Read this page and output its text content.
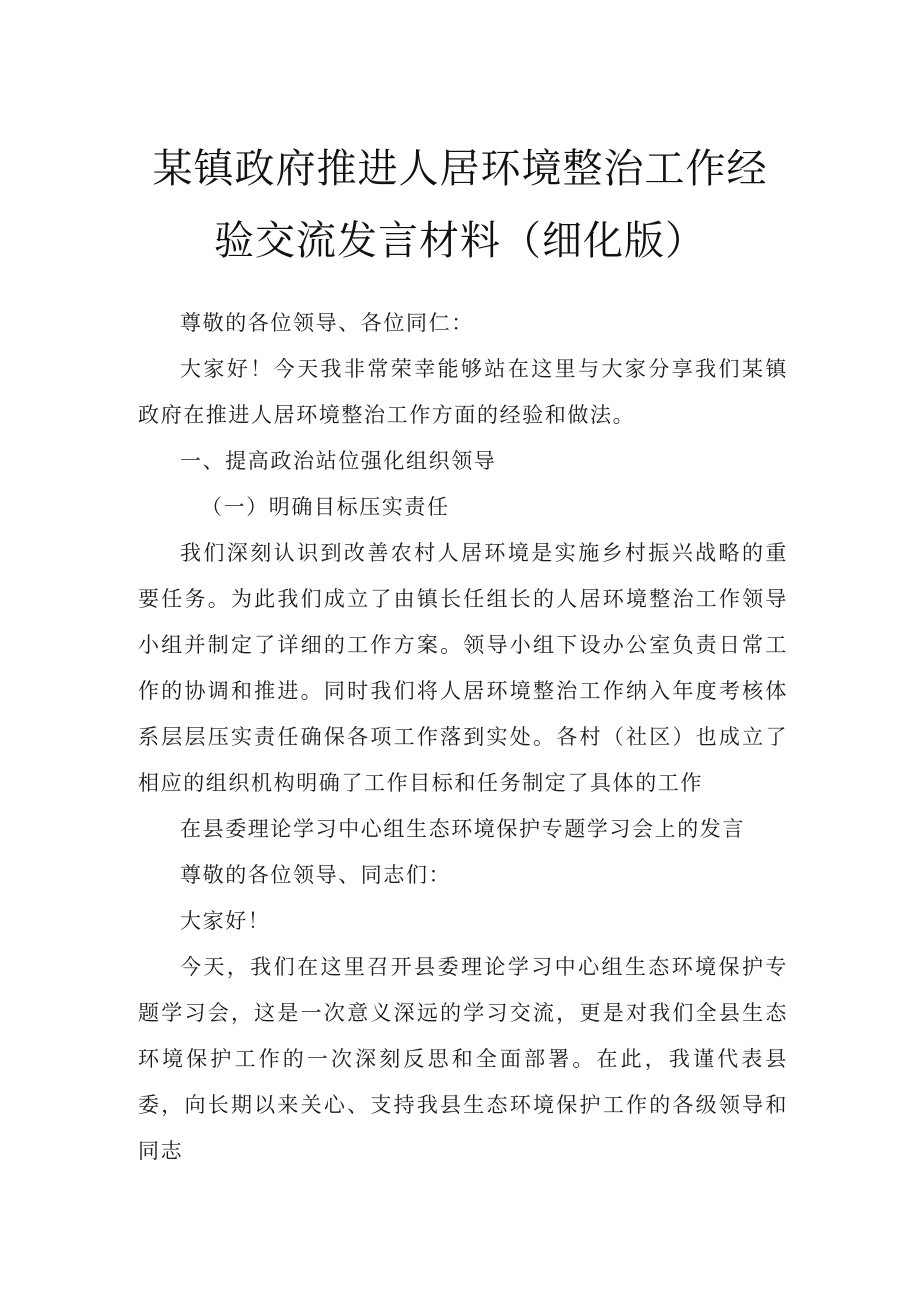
某镇政府推进人居环境整治工作经
验交流发言材料（细化版）

尊敬的各位领导、各位同仁：

大家好！今天我非常荣幸能够站在这里与大家分享我们某镇政府在推进人居环境整治工作方面的经验和做法。

一、提高政治站位强化组织领导

（一）明确目标压实责任

我们深刻认识到改善农村人居环境是实施乡村振兴战略的重要任务。为此我们成立了由镇长任组长的人居环境整治工作领导小组并制定了详细的工作方案。领导小组下设办公室负责日常工作的协调和推进。同时我们将人居环境整治工作纳入年度考核体系层层压实责任确保各项工作落到实处。各村（社区）也成立了相应的组织机构明确了工作目标和任务制定了具体的工作

在县委理论学习中心组生态环境保护专题学习会上的发言

尊敬的各位领导、同志们：

大家好！

今天，我们在这里召开县委理论学习中心组生态环境保护专题学习会，这是一次意义深远的学习交流，更是对我们全县生态环境保护工作的一次深刻反思和全面部署。在此，我谨代表县委，向长期以来关心、支持我县生态环境保护工作的各级领导和同志
